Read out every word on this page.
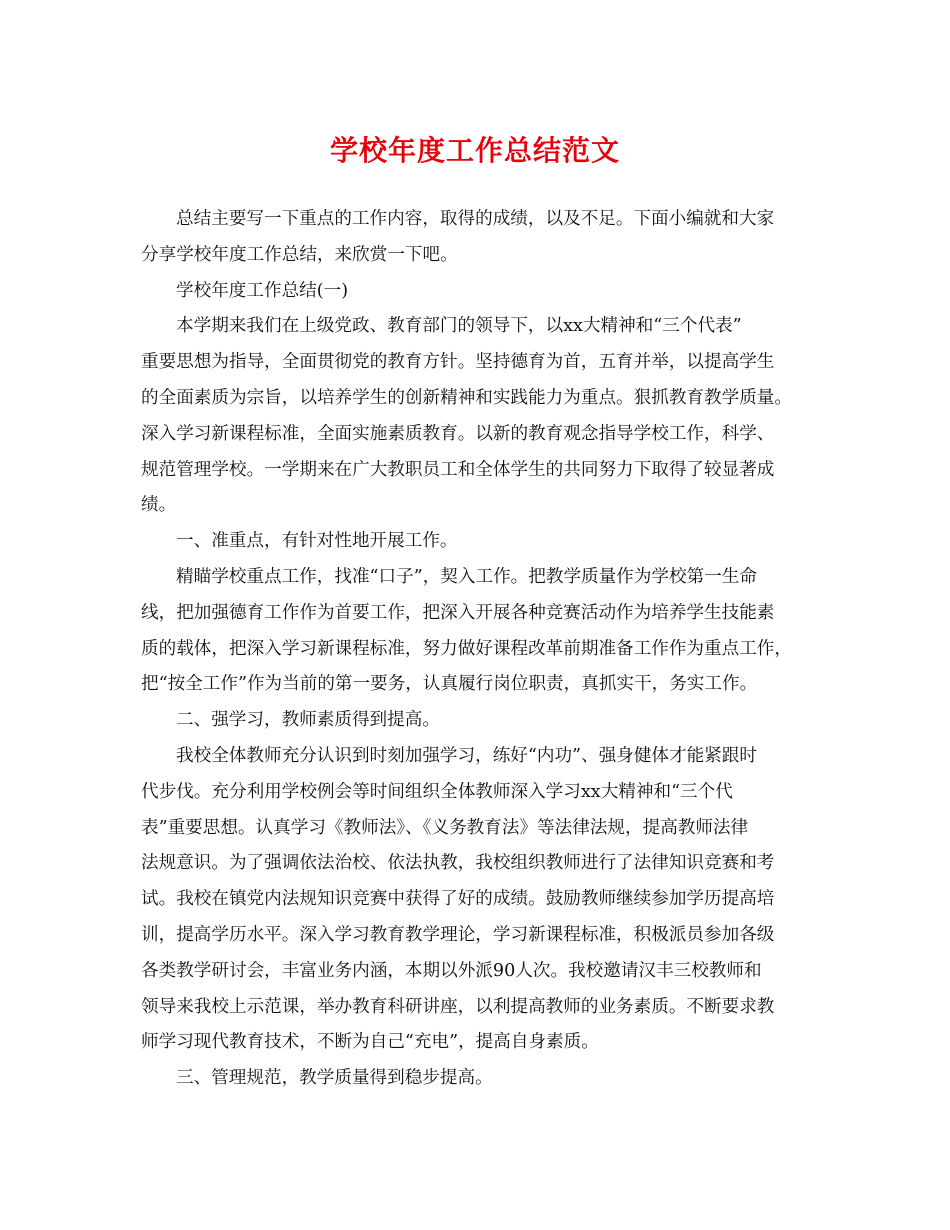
学校年度工作总结范文
总结主要写一下重点的工作内容，取得的成绩，以及不足。下面小编就和大家
分享学校年度工作总结，来欣赏一下吧。
学校年度工作总结(一)
本学期来我们在上级党政、教育部门的领导下，以xx大精神和“三个代表”
重要思想为指导，全面贯彻党的教育方针。坚持德育为首，五育并举，以提高学生
的全面素质为宗旨，以培养学生的创新精神和实践能力为重点。狠抓教育教学质量。
深入学习新课程标准，全面实施素质教育。以新的教育观念指导学校工作，科学、
规范管理学校。一学期来在广大教职员工和全体学生的共同努力下取得了较显著成
绩。
一、准重点，有针对性地开展工作。
精瞄学校重点工作，找准“口子”，契入工作。把教学质量作为学校第一生命
线，把加强德育工作作为首要工作，把深入开展各种竞赛活动作为培养学生技能素
质的载体，把深入学习新课程标准，努力做好课程改革前期准备工作作为重点工作，
把“按全工作”作为当前的第一要务，认真履行岗位职责，真抓实干，务实工作。
二、强学习，教师素质得到提高。
我校全体教师充分认识到时刻加强学习，练好“内功”、强身健体才能紧跟时
代步伐。充分利用学校例会等时间组织全体教师深入学习xx大精神和“三个代
表”重要思想。认真学习《教师法》、《义务教育法》等法律法规，提高教师法律
法规意识。为了强调依法治校、依法执教，我校组织教师进行了法律知识竞赛和考
试。我校在镇党内法规知识竞赛中获得了好的成绩。鼓励教师继续参加学历提高培
训，提高学历水平。深入学习教育教学理论，学习新课程标准，积极派员参加各级
各类教学研讨会，丰富业务内涵，本期以外派90人次。我校邀请汉丰三校教师和
领导来我校上示范课，举办教育科研讲座，以利提高教师的业务素质。不断要求教
师学习现代教育技术，不断为自己“充电”，提高自身素质。
三、管理规范，教学质量得到稳步提高。
